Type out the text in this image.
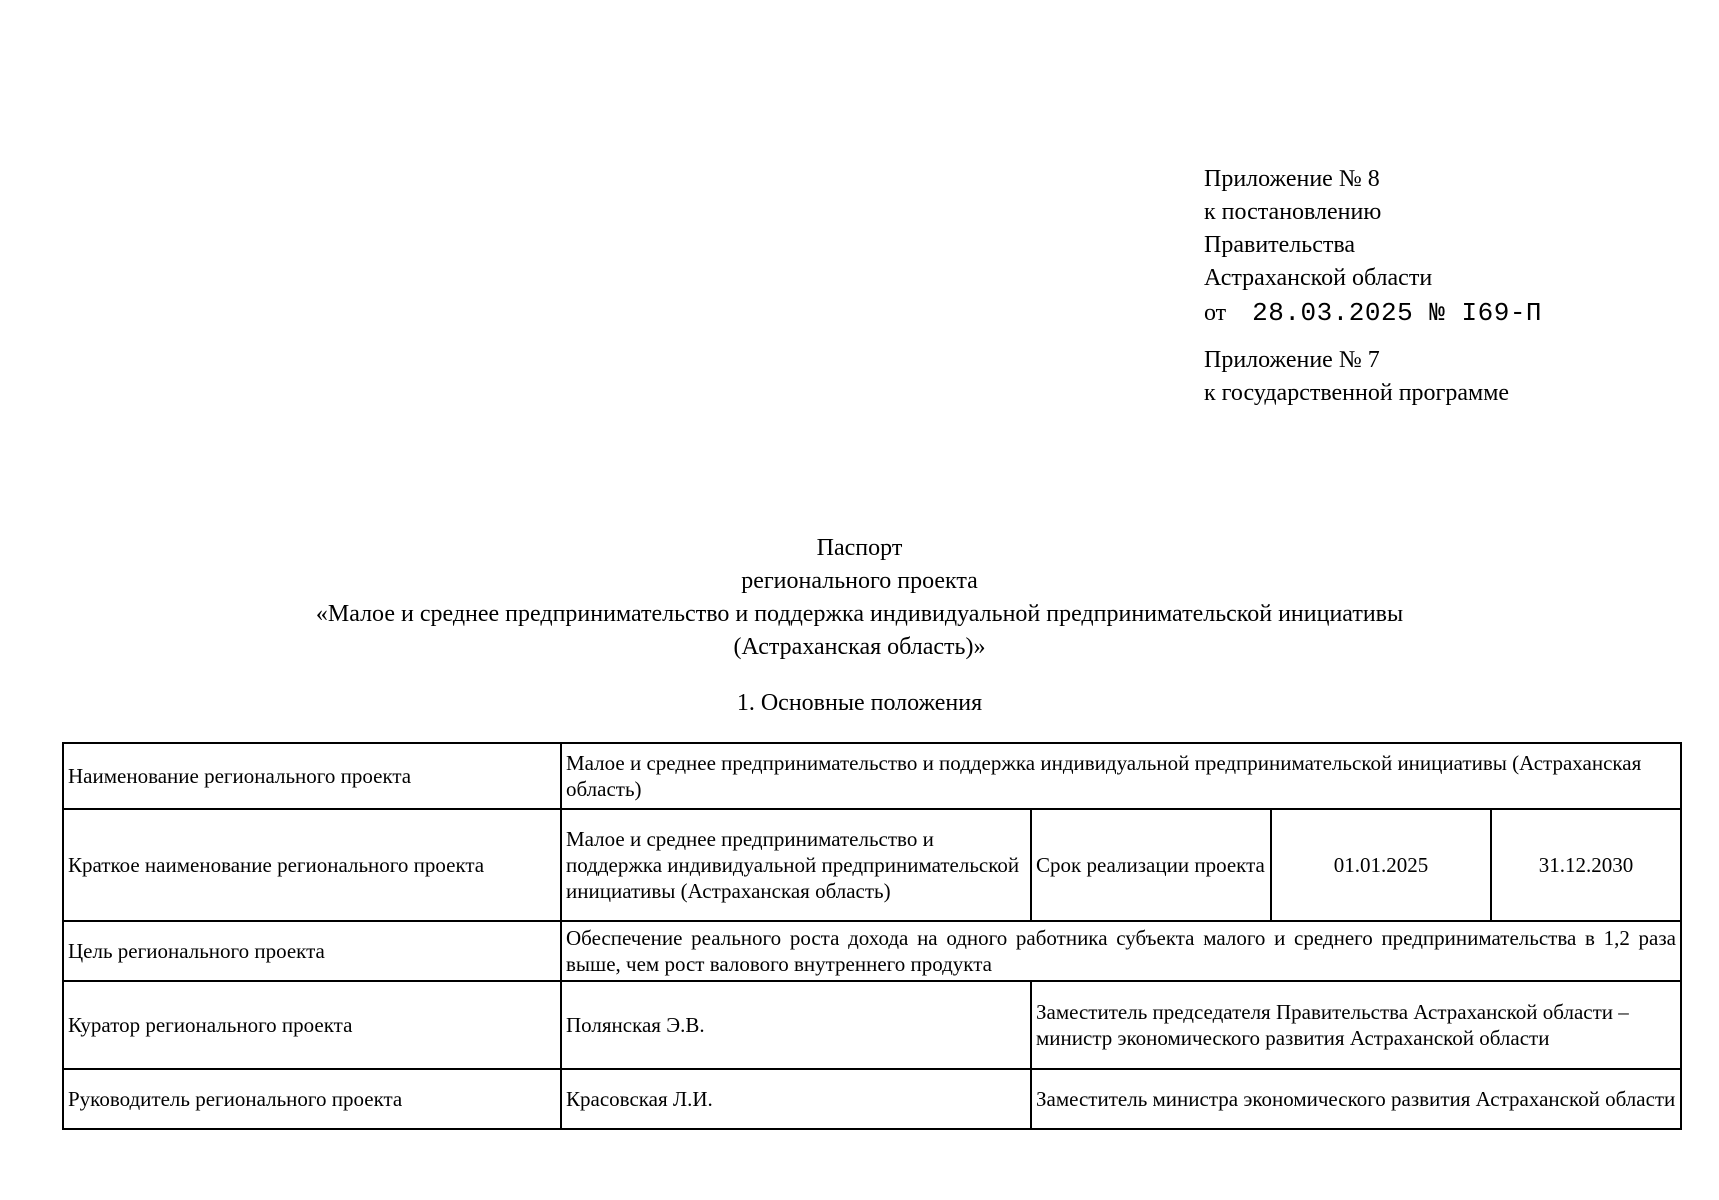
Приложение № 8
к постановлению
Правительства
Астраханской области
от 28.03.2025 № I69-П
Приложение № 7
к государственной программе
Паспорт
регионального проекта
«Малое и среднее предпринимательство и поддержка индивидуальной предпринимательской инициативы
(Астраханская область)»
1. Основные положения
Наименование регионального проекта	Малое и среднее предпринимательство и поддержка индивидуальной предпринимательской инициативы (Астраханская область)			
Краткое наименование регионального проекта	Малое и среднее предпринимательство и поддержка индивидуальной предпринимательской инициативы (Астраханская область)	Срок реализации проекта	01.01.2025	31.12.2030
Цель регионального проекта	Обеспечение реального роста дохода на одного работника субъекта малого и среднего предпринимательства в 1,2 раза выше, чем рост валового внутреннего продукта			
Куратор регионального проекта	Полянская Э.В.	Заместитель председателя Правительства Астраханской области – министр экономического развития Астраханской области		
Руководитель регионального проекта	Красовская Л.И.	Заместитель министра экономического развития Астраханской области		
